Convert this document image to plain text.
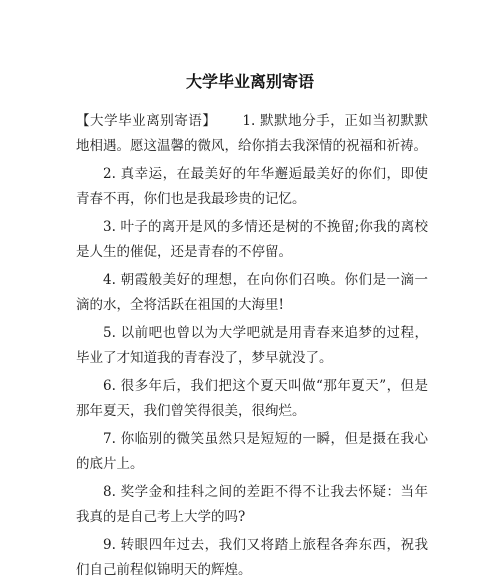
大学毕业离别寄语

【大学毕业离别寄语】 1. 默默地分手，正如当初默默地相遇。愿这温馨的微风，给你捎去我深情的祝福和祈祷。

2. 真幸运，在最美好的年华邂逅最美好的你们，即使青春不再，你们也是我最珍贵的记忆。

3. 叶子的离开是风的多情还是树的不挽留;你我的离校是人生的催促，还是青春的不停留。

4. 朝霞般美好的理想，在向你们召唤。你们是一滴一滴的水，全将活跃在祖国的大海里!

5. 以前吧也曾以为大学吧就是用青春来追梦的过程，毕业了才知道我的青春没了，梦早就没了。

6. 很多年后，我们把这个夏天叫做“那年夏天”，但是那年夏天，我们曾笑得很美，很绚烂。

7. 你临别的微笑虽然只是短短的一瞬，但是摄在我心的底片上。

8. 奖学金和挂科之间的差距不得不让我去怀疑：当年我真的是自己考上大学的吗?

9. 转眼四年过去，我们又将踏上旅程各奔东西，祝我们自己前程似锦明天的辉煌。
